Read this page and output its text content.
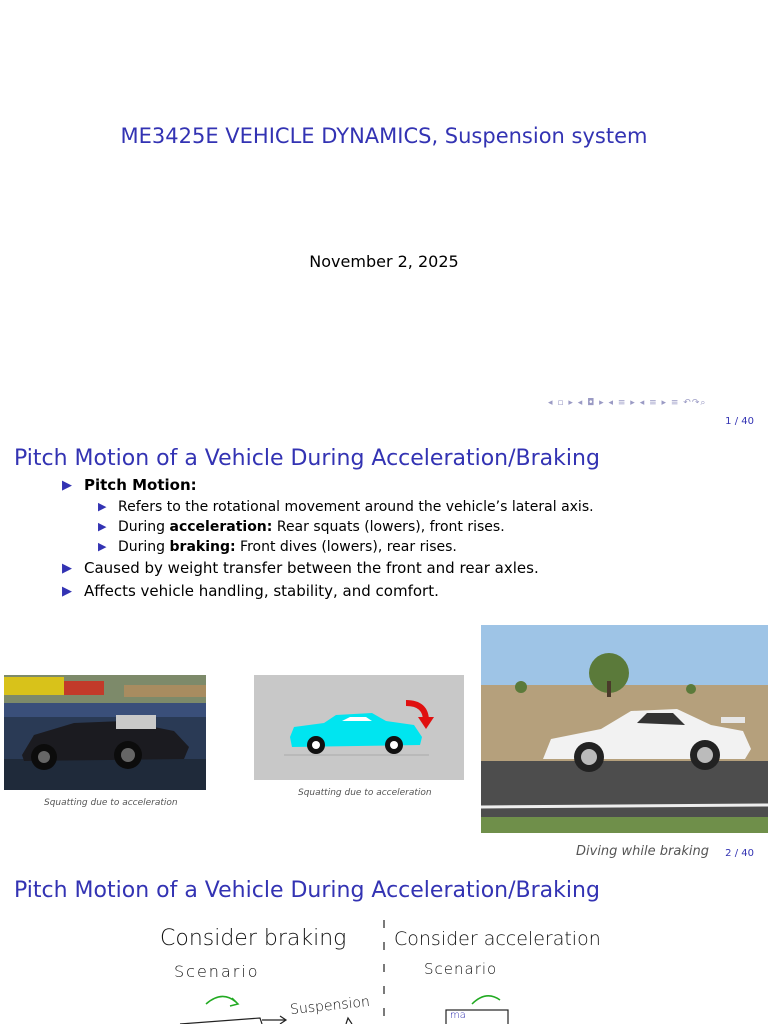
ME3425E VEHICLE DYNAMICS, Suspension system
November 2, 2025
◂ ▫ ▸ ◂ ◘ ▸ ◂ ≡ ▸ ◂ ≡ ▸ ≡ ↶↷⌕
1 / 40
Pitch Motion of a Vehicle During Acceleration/Braking
▶ Pitch Motion:
▶ Refers to the rotational movement around the vehicle’s lateral axis.
▶ During acceleration: Rear squats (lowers), front rises.
▶ During braking: Front dives (lowers), rear rises.
▶ Caused by weight transfer between the front and rear axles.
▶ Affects vehicle handling, stability, and comfort.
Squatting due to acceleration
Squatting due to acceleration
Diving while braking 2 / 40
Pitch Motion of a Vehicle During Acceleration/Braking
Consider braking
Scenario
Consider acceleration
Scenario
Suspension	ma
